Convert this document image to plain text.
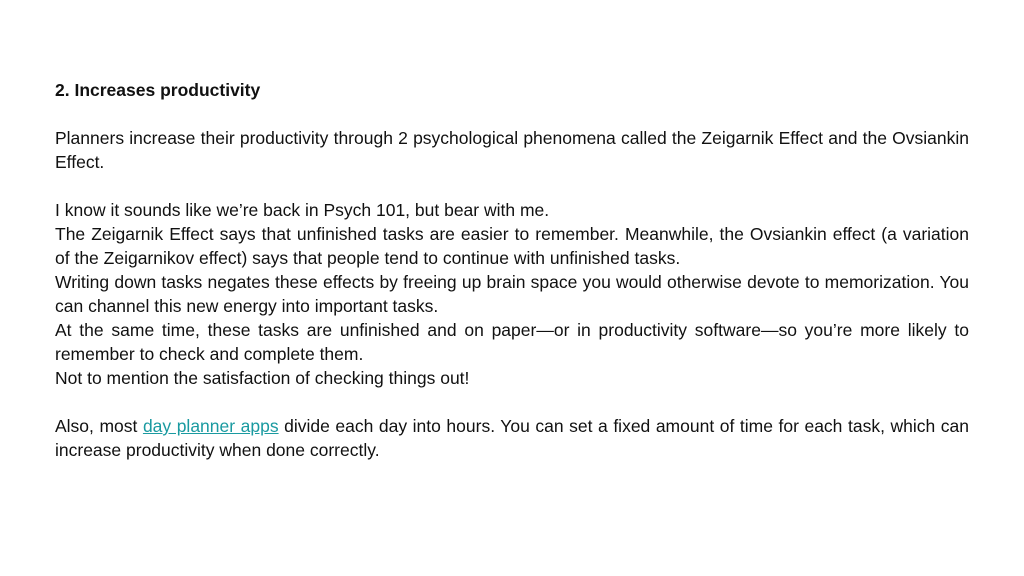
2. Increases productivity

Planners increase their productivity through 2 psychological phenomena called the Zeigarnik Effect and the Ovsiankin Effect.

I know it sounds like we’re back in Psych 101, but bear with me.

The Zeigarnik Effect says that unfinished tasks are easier to remember. Meanwhile, the Ovsiankin effect (a variation of the Zeigarnikov effect) says that people tend to continue with unfinished tasks.

Writing down tasks negates these effects by freeing up brain space you would otherwise devote to memorization. You can channel this new energy into important tasks.

At the same time, these tasks are unfinished and on paper—or in productivity software—so you’re more likely to remember to check and complete them.

Not to mention the satisfaction of checking things out!

Also, most day planner apps divide each day into hours. You can set a fixed amount of time for each task, which can increase productivity when done correctly.
